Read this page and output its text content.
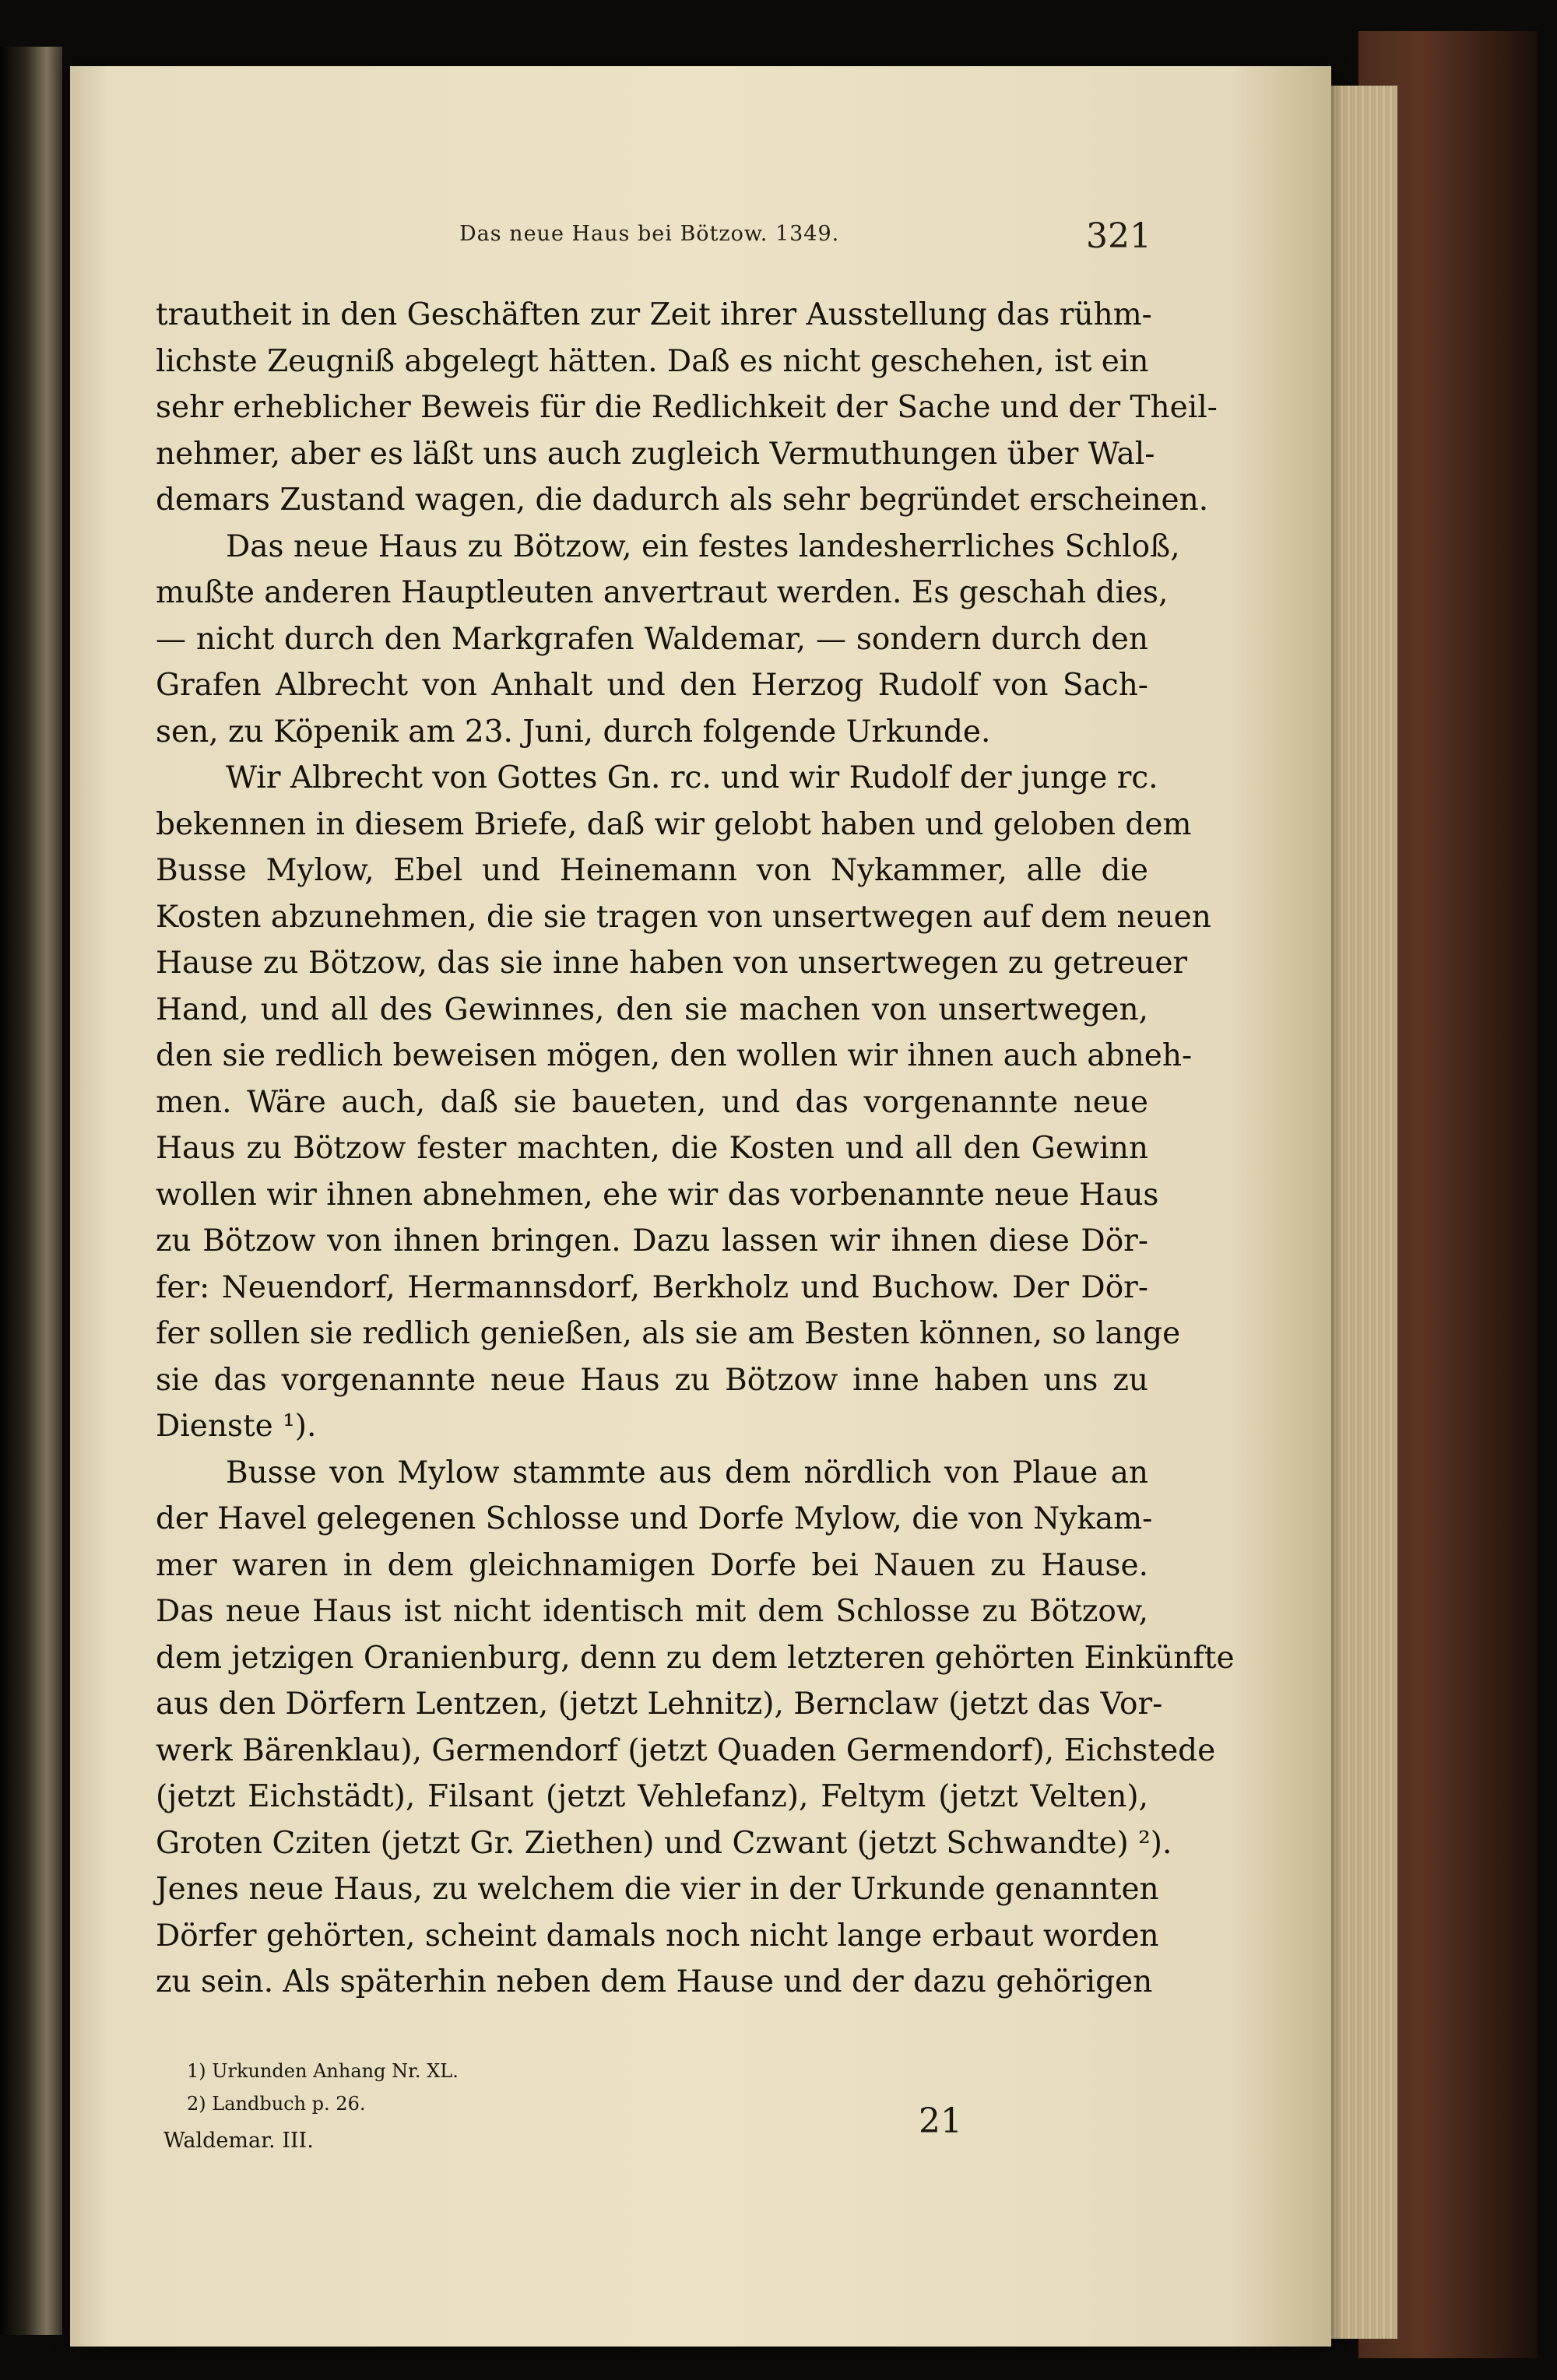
Das neue Haus bei Bötzow. 1349.	321
trautheit in den Geschäften zur Zeit ihrer Ausstellung das rühm-
lichste Zeugniß abgelegt hätten. Daß es nicht geschehen, ist ein
sehr erheblicher Beweis für die Redlichkeit der Sache und der Theil-
nehmer, aber es läßt uns auch zugleich Vermuthungen über Wal-
demars Zustand wagen, die dadurch als sehr begründet erscheinen.
Das neue Haus zu Bötzow, ein festes landesherrliches Schloß,
mußte anderen Hauptleuten anvertraut werden. Es geschah dies,
— nicht durch den Markgrafen Waldemar, — sondern durch den
Grafen Albrecht von Anhalt und den Herzog Rudolf von Sach-
sen, zu Köpenik am 23. Juni, durch folgende Urkunde.
Wir Albrecht von Gottes Gn. rc. und wir Rudolf der junge rc.
bekennen in diesem Briefe, daß wir gelobt haben und geloben dem
Busse Mylow, Ebel und Heinemann von Nykammer, alle die
Kosten abzunehmen, die sie tragen von unsertwegen auf dem neuen
Hause zu Bötzow, das sie inne haben von unsertwegen zu getreuer
Hand, und all des Gewinnes, den sie machen von unsertwegen,
den sie redlich beweisen mögen, den wollen wir ihnen auch abneh-
men. Wäre auch, daß sie baueten, und das vorgenannte neue
Haus zu Bötzow fester machten, die Kosten und all den Gewinn
wollen wir ihnen abnehmen, ehe wir das vorbenannte neue Haus
zu Bötzow von ihnen bringen. Dazu lassen wir ihnen diese Dör-
fer: Neuendorf, Hermannsdorf, Berkholz und Buchow. Der Dör-
fer sollen sie redlich genießen, als sie am Besten können, so lange
sie das vorgenannte neue Haus zu Bötzow inne haben uns zu
Dienste ¹).
Busse von Mylow stammte aus dem nördlich von Plaue an
der Havel gelegenen Schlosse und Dorfe Mylow, die von Nykam-
mer waren in dem gleichnamigen Dorfe bei Nauen zu Hause.
Das neue Haus ist nicht identisch mit dem Schlosse zu Bötzow,
dem jetzigen Oranienburg, denn zu dem letzteren gehörten Einkünfte
aus den Dörfern Lentzen, (jetzt Lehnitz), Bernclaw (jetzt das Vor-
werk Bärenklau), Germendorf (jetzt Quaden Germendorf), Eichstede
(jetzt Eichstädt), Filsant (jetzt Vehlefanz), Feltym (jetzt Velten),
Groten Cziten (jetzt Gr. Ziethen) und Czwant (jetzt Schwandte) ²).
Jenes neue Haus, zu welchem die vier in der Urkunde genannten
Dörfer gehörten, scheint damals noch nicht lange erbaut worden
zu sein. Als späterhin neben dem Hause und der dazu gehörigen
1) Urkunden Anhang Nr. XL.
2) Landbuch p. 26.
Waldemar. III.	21
